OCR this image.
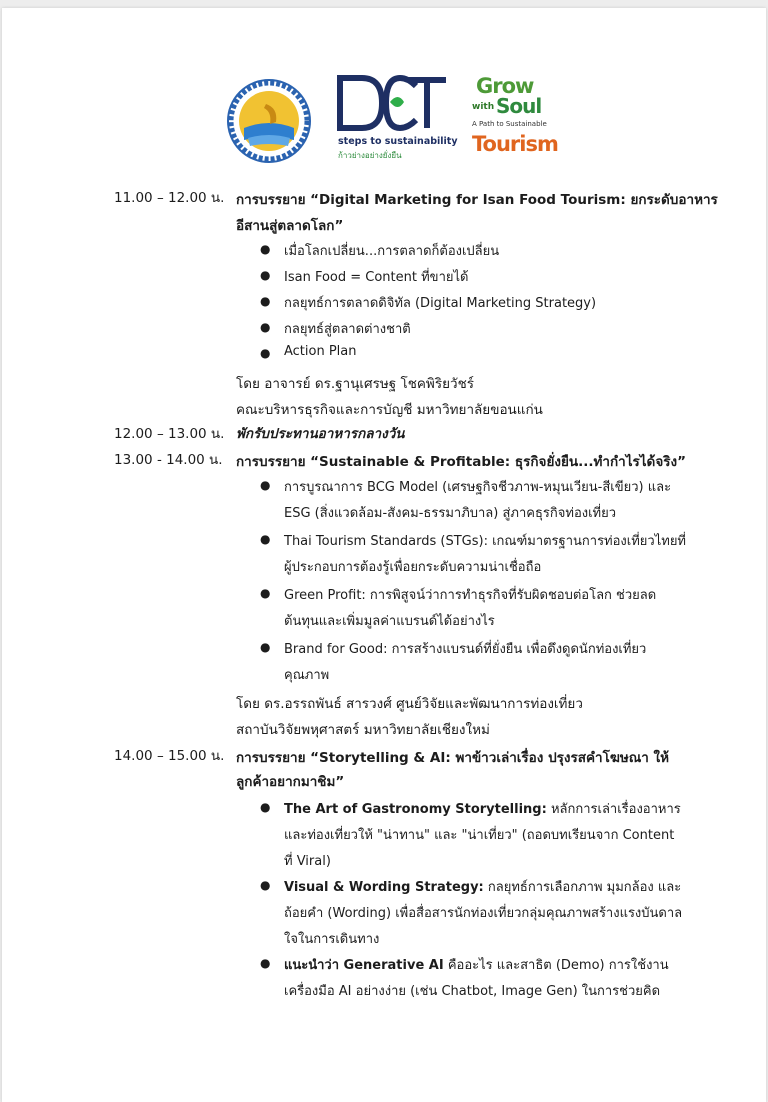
steps to sustainability
ก้าวย่างอย่างยั่งยืน
Grow
with Soul
A Path to Sustainable
Tourism
11.00 – 12.00 น. การบรรยาย “Digital Marketing for Isan Food Tourism: ยกระดับอาหาร
อีสานสู่ตลาดโลก”
● เมื่อโลกเปลี่ยน...การตลาดก็ต้องเปลี่ยน
● Isan Food = Content ที่ขายได้
● กลยุทธ์การตลาดดิจิทัล (Digital Marketing Strategy)
● กลยุทธ์สู่ตลาดต่างชาติ
● Action Plan
โดย อาจารย์ ดร.ฐานุเศรษฐ โชคพิริยวัชร์
คณะบริหารธุรกิจและการบัญชี มหาวิทยาลัยขอนแก่น
12.00 – 13.00 น. พักรับประทานอาหารกลางวัน
13.00 - 14.00 น. การบรรยาย “Sustainable & Profitable: ธุรกิจยั่งยืน...ทำกำไรได้จริง”
● การบูรณาการ BCG Model (เศรษฐกิจชีวภาพ-หมุนเวียน-สีเขียว) และ
ESG (สิ่งแวดล้อม-สังคม-ธรรมาภิบาล) สู่ภาคธุรกิจท่องเที่ยว
● Thai Tourism Standards (STGs): เกณฑ์มาตรฐานการท่องเที่ยวไทยที่
ผู้ประกอบการต้องรู้เพื่อยกระดับความน่าเชื่อถือ
● Green Profit: การพิสูจน์ว่าการทำธุรกิจที่รับผิดชอบต่อโลก ช่วยลด
ต้นทุนและเพิ่มมูลค่าแบรนด์ได้อย่างไร
● Brand for Good: การสร้างแบรนด์ที่ยั่งยืน เพื่อดึงดูดนักท่องเที่ยว
คุณภาพ
โดย ดร.อรรถพันธ์ สารวงศ์ ศูนย์วิจัยและพัฒนาการท่องเที่ยว
สถาบันวิจัยพหุศาสตร์ มหาวิทยาลัยเชียงใหม่
14.00 – 15.00 น. การบรรยาย “Storytelling & AI: พาข้าวเล่าเรื่อง ปรุงรสคำโฆษณา ให้
ลูกค้าอยากมาชิม”
● The Art of Gastronomy Storytelling: หลักการเล่าเรื่องอาหาร
และท่องเที่ยวให้ "น่าทาน" และ "น่าเที่ยว" (ถอดบทเรียนจาก Content
ที่ Viral)
● Visual & Wording Strategy: กลยุทธ์การเลือกภาพ มุมกล้อง และ
ถ้อยคำ (Wording) เพื่อสื่อสารนักท่องเที่ยวกลุ่มคุณภาพสร้างแรงบันดาล
ใจในการเดินทาง
● แนะนำว่า Generative AI คืออะไร และสาธิต (Demo) การใช้งาน
เครื่องมือ AI อย่างง่าย (เช่น Chatbot, Image Gen) ในการช่วยคิด
